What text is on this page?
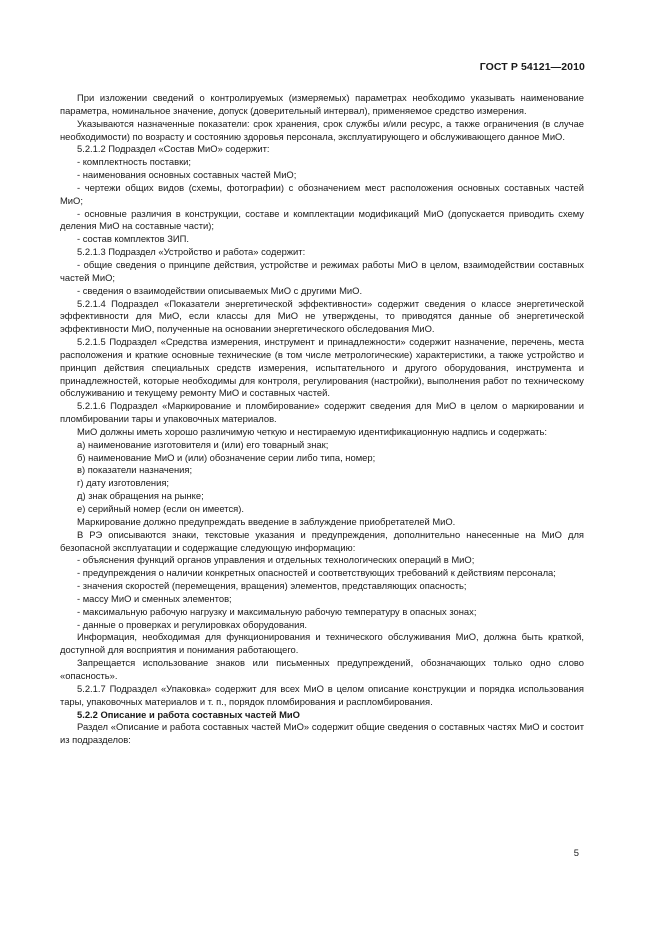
ГОСТ Р 54121—2010

При изложении сведений о контролируемых (измеряемых) параметрах необходимо указывать наименование параметра, номинальное значение, допуск (доверительный интервал), применяемое средство измерения.

Указываются назначенные показатели: срок хранения, срок службы и/или ресурс, а также ограничения (в случае необходимости) по возрасту и состоянию здоровья персонала, эксплуатирующего и обслуживающего данное МиО.

5.2.1.2 Подраздел «Состав МиО» содержит:

- комплектность поставки;

- наименования основных составных частей МиО;

- чертежи общих видов (схемы, фотографии) с обозначением мест расположения основных составных частей МиО;

- основные различия в конструкции, составе и комплектации модификаций МиО (допускается приводить схему деления МиО на составные части);

- состав комплектов ЗИП.

5.2.1.3 Подраздел «Устройство и работа» содержит:

- общие сведения о принципе действия, устройстве и режимах работы МиО в целом, взаимодействии составных частей МиО;

- сведения о взаимодействии описываемых МиО с другими МиО.

5.2.1.4 Подраздел «Показатели энергетической эффективности» содержит сведения о классе энергетической эффективности для МиО, если классы для МиО не утверждены, то приводятся данные об энергетической эффективности МиО, полученные на основании энергетического обследования МиО.

5.2.1.5 Подраздел «Средства измерения, инструмент и принадлежности» содержит назначение, перечень, места расположения и краткие основные технические (в том числе метрологические) характеристики, а также устройство и принцип действия специальных средств измерения, испытательного и другого оборудования, инструмента и принадлежностей, которые необходимы для контроля, регулирования (настройки), выполнения работ по техническому обслуживанию и текущему ремонту МиО и составных частей.

5.2.1.6 Подраздел «Маркирование и пломбирование» содержит сведения для МиО в целом о маркировании и пломбировании тары и упаковочных материалов.

МиО должны иметь хорошо различимую четкую и нестираемую идентификационную надпись и содержать:

а) наименование изготовителя и (или) его товарный знак;

б) наименование МиО и (или) обозначение серии либо типа, номер;

в) показатели назначения;

г) дату изготовления;

д) знак обращения на рынке;

е) серийный номер (если он имеется).

Маркирование должно предупреждать введение в заблуждение приобретателей МиО.

В РЭ описываются знаки, текстовые указания и предупреждения, дополнительно нанесенные на МиО для безопасной эксплуатации и содержащие следующую информацию:

- объяснения функций органов управления и отдельных технологических операций в МиО;

- предупреждения о наличии конкретных опасностей и соответствующих требований к действиям персонала;

- значения скоростей (перемещения, вращения) элементов, представляющих опасность;

- массу МиО и сменных элементов;

- максимальную рабочую нагрузку и максимальную рабочую температуру в опасных зонах;

- данные о проверках и регулировках оборудования.

Информация, необходимая для функционирования и технического обслуживания МиО, должна быть краткой, доступной для восприятия и понимания работающего.

Запрещается использование знаков или письменных предупреждений, обозначающих только одно слово «опасность».

5.2.1.7 Подраздел «Упаковка» содержит для всех МиО в целом описание конструкции и порядка использования тары, упаковочных материалов и т. п., порядок пломбирования и распломбирования.

5.2.2 Описание и работа составных частей МиО

Раздел «Описание и работа составных частей МиО» содержит общие сведения о составных частях МиО и состоит из подразделов:

5
